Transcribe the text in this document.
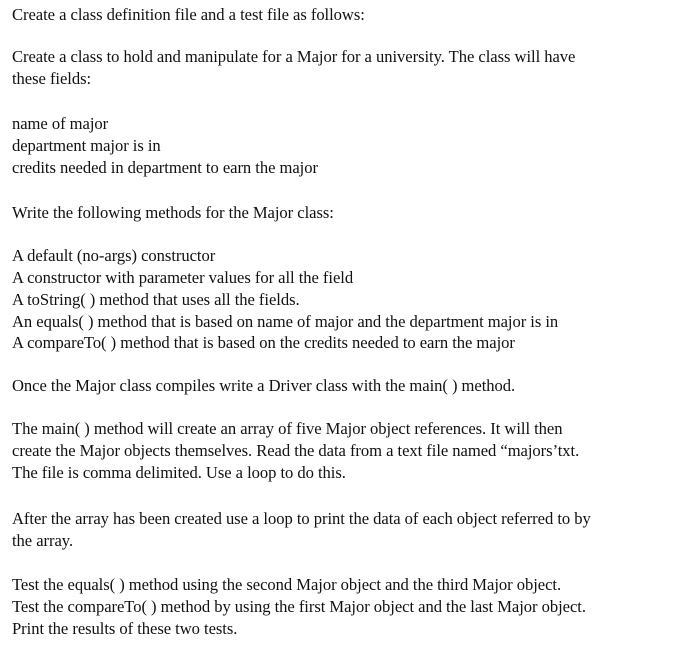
Create a class definition file and a test file as follows:
Create a class to hold and manipulate for a Major for a university. The class will have
these fields:
name of major
department major is in
credits needed in department to earn the major
Write the following methods for the Major class:
A default (no-args) constructor
A constructor with parameter values for all the field
A toString( ) method that uses all the fields.
An equals( ) method that is based on name of major and the department major is in
A compareTo( ) method that is based on the credits needed to earn the major
Once the Major class compiles write a Driver class with the main( ) method.
The main( ) method will create an array of five Major object references. It will then
create the Major objects themselves. Read the data from a text file named “majors’txt.
The file is comma delimited. Use a loop to do this.
After the array has been created use a loop to print the data of each object referred to by
the array.
Test the equals( ) method using the second Major object and the third Major object.
Test the compareTo( ) method by using the first Major object and the last Major object.
Print the results of these two tests.
